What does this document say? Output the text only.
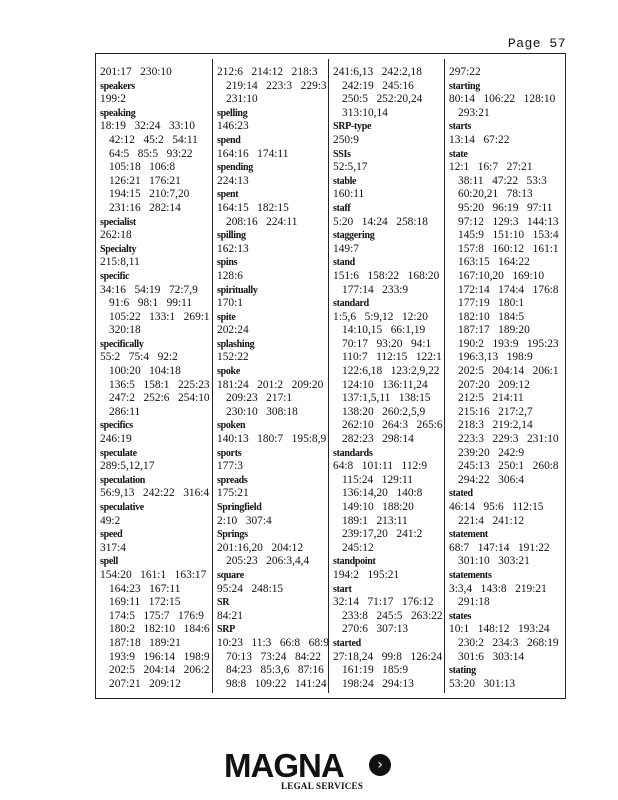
Page 57
201:17   230:10
speakers
199:2
speaking
18:19   32:24   33:10
42:12   45:2   54:11
64:5   85:5   93:22
105:18   106:8
126:21   176:21
194:15   210:7,20
231:16   282:14
specialist
262:18
Specialty
215:8,11
specific
34:16   54:19   72:7,9
91:6   98:1   99:11
105:22   133:1   269:1
320:18
specifically
55:2   75:4   92:2
100:20   104:18
136:5   158:1   225:23
247:2   252:6   254:10
286:11
specifics
246:19
speculate
289:5,12,17
speculation
56:9,13   242:22   316:4
speculative
49:2
speed
317:4
spell
154:20   161:1   163:17
164:23   167:11
169:11   172:15
174:5   175:7   176:9
180:2   182:10   184:6
187:18   189:21
193:9   196:14   198:9
202:5   204:14   206:2
207:21   209:12
212:6   214:12   218:3
219:14   223:3   229:3
231:10
spelling
146:23
spend
164:16   174:11
spending
224:13
spent
164:15   182:15
208:16   224:11
spilling
162:13
spins
128:6
spiritually
170:1
spite
202:24
splashing
152:22
spoke
181:24   201:2   209:20
209:23   217:1
230:10   308:18
spoken
140:13   180:7   195:8,9
sports
177:3
spreads
175:21
Springfield
2:10   307:4
Springs
201:16,20   204:12
205:23   206:3,4,4
square
95:24   248:15
SR
84:21
SRP
10:23   11:3   66:8   68:9
70:13   73:24   84:22
84:23   85:3,6   87:16
98:8   109:22   141:24
241:6,13   242:2,18
242:19   245:16
250:5   252:20,24
313:10,14
SRP-type
250:9
SSIs
52:5,17
stable
160:11
staff
5:20   14:24   258:18
staggering
149:7
stand
151:6   158:22   168:20
177:14   233:9
standard
1:5,6   5:9,12   12:20
14:10,15   66:1,19
70:17   93:20   94:1
110:7   112:15   122:1
122:6,18   123:2,9,22
124:10   136:11,24
137:1,5,11   138:15
138:20   260:2,5,9
262:10   264:3   265:6
282:23   298:14
standards
64:8   101:11   112:9
115:24   129:11
136:14,20   140:8
149:10   188:20
189:1   213:11
239:17,20   241:2
245:12
standpoint
194:2   195:21
start
32:14   71:17   176:12
233:8   245:5   263:22
270:6   307:13
started
27:18,24   99:8   126:24
161:19   185:9
198:24   294:13
297:22
starting
80:14   106:22   128:10
293:21
starts
13:14   67:22
state
12:1   16:7   27:21
38:11   47:22   53:3
60:20,21   78:13
95:20   96:19   97:11
97:12   129:3   144:13
145:9   151:10   153:4
157:8   160:12   161:1
163:15   164:22
167:10,20   169:10
172:14   174:4   176:8
177:19   180:1
182:10   184:5
187:17   189:20
190:2   193:9   195:23
196:3,13   198:9
202:5   204:14   206:1
207:20   209:12
212:5   214:11
215:16   217:2,7
218:3   219:2,14
223:3   229:3   231:10
239:20   242:9
245:13   250:1   260:8
294:22   306:4
stated
46:14   95:6   112:15
221:4   241:12
statement
68:7   147:14   191:22
301:10   303:21
statements
3:3,4   143:8   219:21
291:18
states
10:1   148:12   193:24
230:2   234:3   268:19
301:6   303:14
stating
53:20   301:13
MAGNA	›
LEGAL SERVICES
